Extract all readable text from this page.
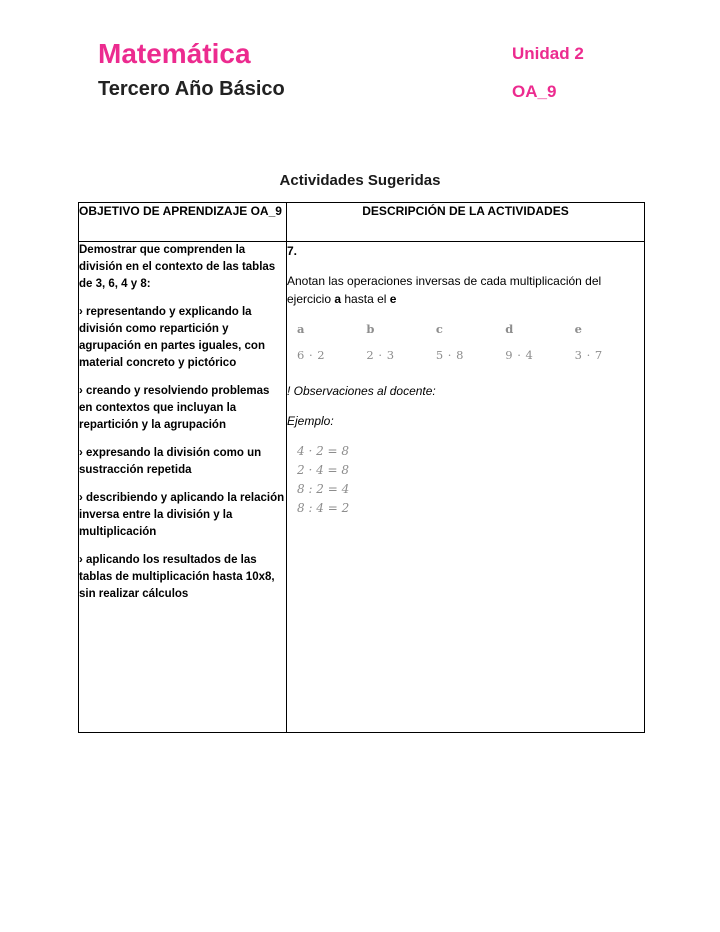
Matemática
Tercero Año Básico
Unidad 2
OA_9
Actividades Sugeridas
OBJETIVO DE APRENDIZAJE OA_9	DESCRIPCIÓN DE LA ACTIVIDADES

Demostrar que comprenden la división en el contexto de las tablas de 3, 6, 4 y 8:

› representando y explicando la división como repartición y agrupación en partes iguales, con material concreto y pictórico

› creando y resolviendo problemas en contextos que incluyan la repartición y la agrupación

› expresando la división como un sustracción repetida

› describiendo y aplicando la relación inversa entre la división y la multiplicación

› aplicando los resultados de las tablas de multiplicación hasta 10x8, sin realizar cálculos

7.

Anotan las operaciones inversas de cada multiplicación del ejercicio a hasta el e

a	b	c	d	e
6 · 2	2 · 3	5 · 8	9 · 4	3 · 7

! Observaciones al docente:

Ejemplo:

4 · 2 = 8
2 · 4 = 8
8 : 2 = 4
8 : 4 = 2
